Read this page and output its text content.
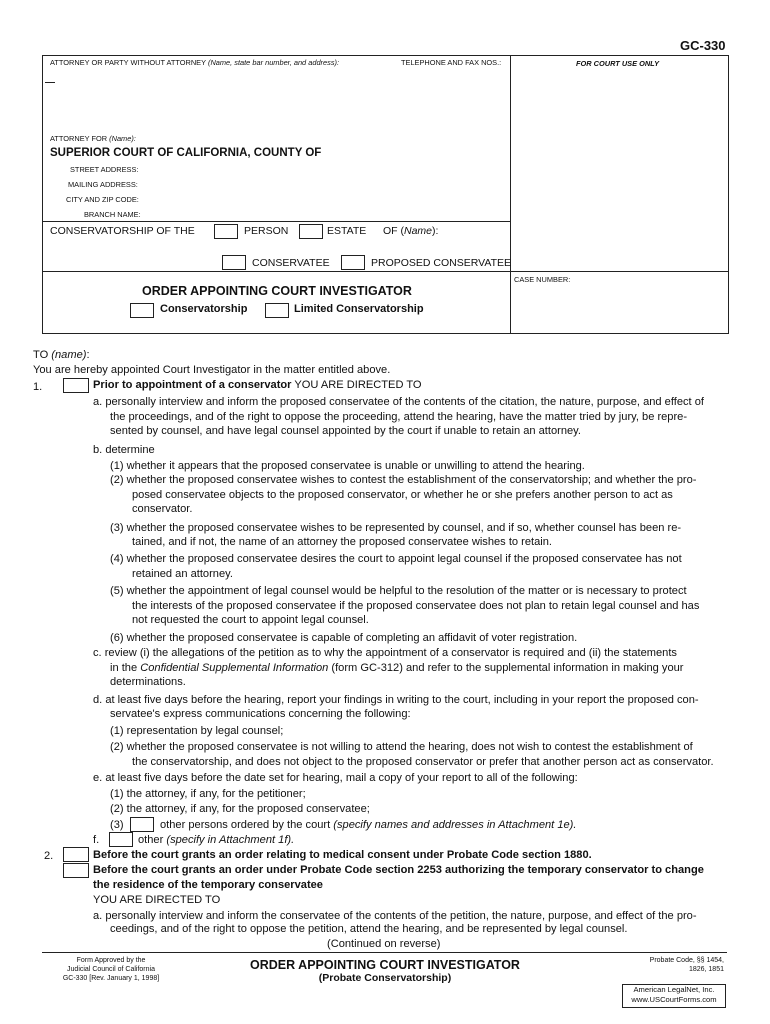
GC-330
ATTORNEY OR PARTY WITHOUT ATTORNEY (Name, state bar number, and address):	TELEPHONE AND FAX NOS.:	FOR COURT USE ONLY
ATTORNEY FOR (Name):
SUPERIOR COURT OF CALIFORNIA, COUNTY OF
STREET ADDRESS:
MAILING ADDRESS:
CITY AND ZIP CODE:
BRANCH NAME:
CONSERVATORSHIP OF THE	PERSON	ESTATE OF (Name):
CONSERVATEE	PROPOSED CONSERVATEE
CASE NUMBER:
ORDER APPOINTING COURT INVESTIGATOR
Conservatorship	Limited Conservatorship
TO (name):
You are hereby appointed Court Investigator in the matter entitled above.
1.	Prior to appointment of a conservator YOU ARE DIRECTED TO
a. personally interview and inform the proposed conservatee of the contents of the citation, the nature, purpose, and effect of
the proceedings, and of the right to oppose the proceeding, attend the hearing, have the matter tried by jury, be repre-
sented by counsel, and have legal counsel appointed by the court if unable to retain an attorney.
b. determine
(1) whether it appears that the proposed conservatee is unable or unwilling to attend the hearing.
(2) whether the proposed conservatee wishes to contest the establishment of the conservatorship; and whether the pro-
posed conservatee objects to the proposed conservator, or whether he or she prefers another person to act as
conservator.
(3) whether the proposed conservatee wishes to be represented by counsel, and if so, whether counsel has been re-
tained, and if not, the name of an attorney the proposed conservatee wishes to retain.
(4) whether the proposed conservatee desires the court to appoint legal counsel if the proposed conservatee has not
retained an attorney.
(5) whether the appointment of legal counsel would be helpful to the resolution of the matter or is necessary to protect
the interests of the proposed conservatee if the proposed conservatee does not plan to retain legal counsel and has
not requested the court to appoint legal counsel.
(6) whether the proposed conservatee is capable of completing an affidavit of voter registration.
c. review (i) the allegations of the petition as to why the appointment of a conservator is required and (ii) the statements
in the Confidential Supplemental Information (form GC-312) and refer to the supplemental information in making your
determinations.
d. at least five days before the hearing, report your findings in writing to the court, including in your report the proposed con-
servatee's express communications concerning the following:
(1) representation by legal counsel;
(2) whether the proposed conservatee is not willing to attend the hearing, does not wish to contest the establishment of
the conservatorship, and does not object to the proposed conservator or prefer that another person act as conservator.
e. at least five days before the date set for hearing, mail a copy of your report to all of the following:
(1) the attorney, if any, for the petitioner;
(2) the attorney, if any, for the proposed conservatee;
(3)	other persons ordered by the court (specify names and addresses in Attachment 1e).
f.	other (specify in Attachment 1f).
2.	Before the court grants an order relating to medical consent under Probate Code section 1880.
Before the court grants an order under Probate Code section 2253 authorizing the temporary conservator to change
the residence of the temporary conservatee
YOU ARE DIRECTED TO
a. personally interview and inform the conservatee of the contents of the petition, the nature, purpose, and effect of the pro-
ceedings, and of the right to oppose the petition, attend the hearing, and be represented by legal counsel.
(Continued on reverse)
Form Approved by the
Judicial Council of California
GC-330 [Rev. January 1, 1998]
ORDER APPOINTING COURT INVESTIGATOR
(Probate Conservatorship)
Probate Code, §§ 1454,
1826, 1851
American LegalNet, Inc.
www.USCourtForms.com
